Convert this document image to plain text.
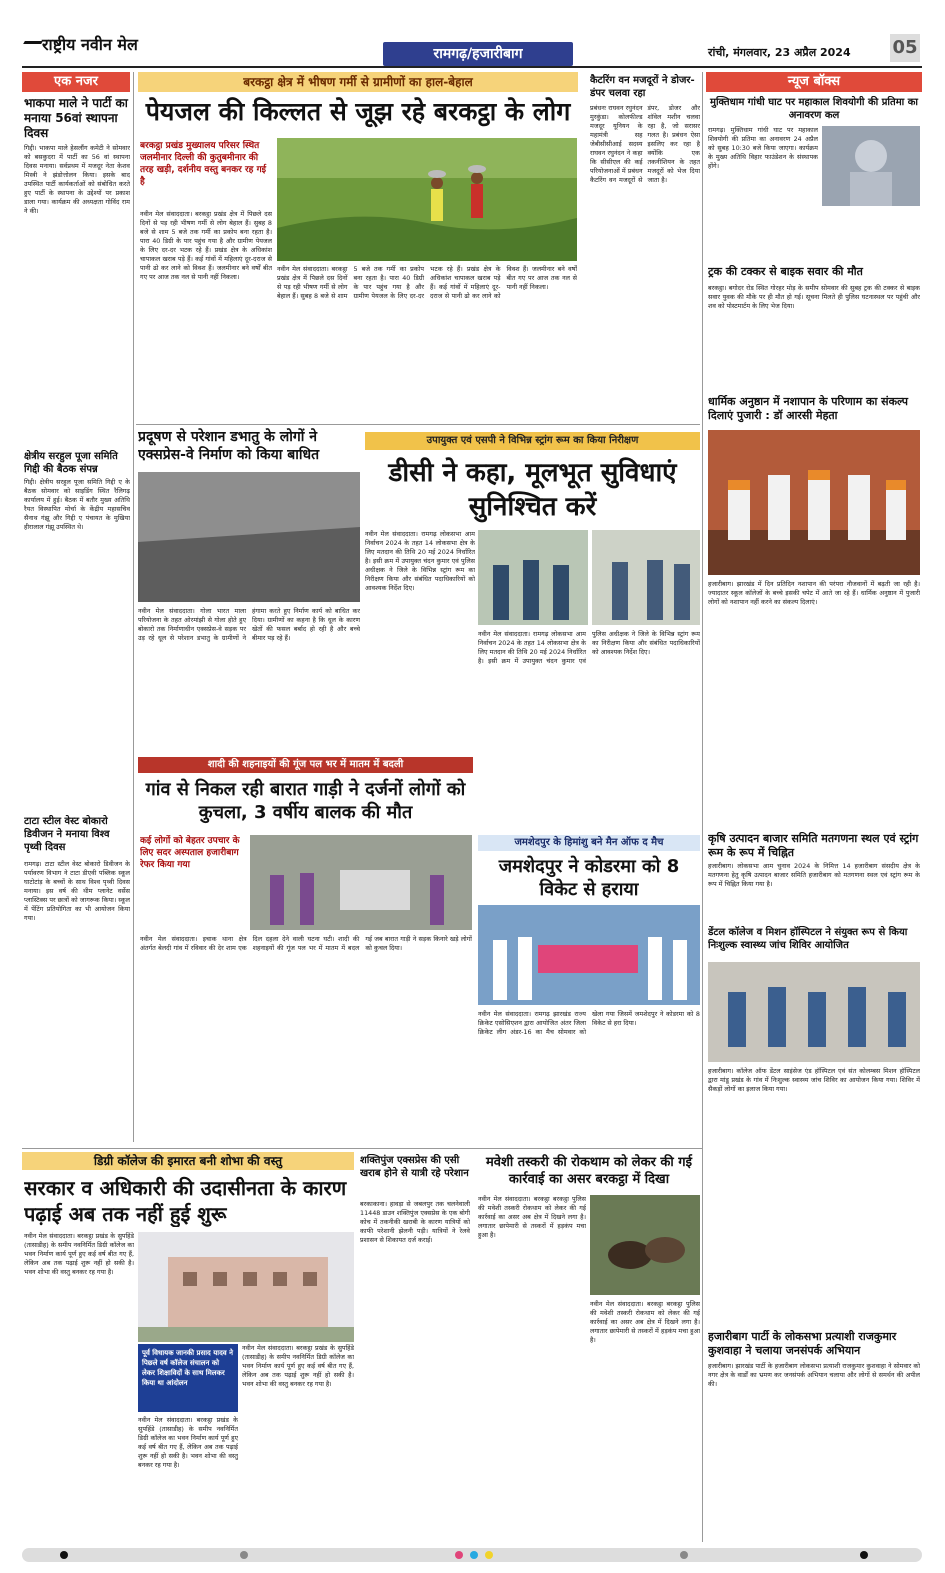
राष्ट्रीय नवीन मेल	रामगढ़/हजारीबाग	रांची, मंगलवार, 23 अप्रैल 2024 05
एक नजर
भाकपा माले ने पार्टी का मनाया 56वां स्थापना दिवस
गिद्दी। भाकपा माले हेसलौंग कमेटी ने सोमवार को बसकुदरा में पार्टी का 56 वां स्थापना दिवस मनाया। सर्वप्रथम में मजदूर नेता केशव मिस्त्री ने झंडोत्तोलन किया। इसके बाद उपस्थित पार्टी कार्यकर्ताओं को संबोधित करते हुए पार्टी के स्थापना के उद्देश्यों पर प्रकाश डाला गया। कार्यक्रम की अध्यक्षता गोविंद राम ने की।
क्षेत्रीय सरहुल पूजा समिति गिद्दी की बैठक संपन्न
गिद्दी। क्षेत्रीय सरहुल पूजा समिति गिद्दी ए के बैठक सोमवार को साइडिंग स्थित रैलिगढ़ कार्यालय में हुई। बैठक में बतौर मुख्य अतिथि रैयत विस्थापित मोर्चा के केंद्रीय महासचिव सैनाथ गंझू और गिद्दी ए पंचायत के मुखिया हीरालाल गंझू उपस्थित थे।
टाटा स्टील वेस्ट बोकारो डिवीजन ने मनाया विश्व पृथ्वी दिवस
रामगढ़। टाटा स्टील वेस्ट बोकारो डिवीजन के पर्यावरण विभाग ने टाटा डीएवी पब्लिक स्कूल घाटोटांड़ के बच्चों के साथ विश्व पृथ्वी दिवस मनाया। इस वर्ष की थीम प्लानेट वर्सेस प्लास्टिक्स पर छात्रों को जागरूक किया। स्कूल में पेंटिंग प्रतियोगिता का भी आयोजन किया गया।
बरकट्ठा क्षेत्र में भीषण गर्मी से ग्रामीणों का हाल-बेहाल
पेयजल की किल्लत से जूझ रहे बरकट्ठा के लोग
बरकट्ठा प्रखंड मुख्यालय परिसर स्थित जलमीनार दिल्ली की कुतुबमीनार की तरह खड़ी, दर्शनीय वस्तु बनकर रह गई है
नवीन मेल संवाददाता। बरकट्ठा प्रखंड क्षेत्र में पिछले दस दिनों से पड़ रही भीषण गर्मी से लोग बेहाल हैं। सुबह 8 बजे से शाम 5 बजे तक गर्मी का प्रकोप बना रहता है। पारा 40 डिग्री के पार पहुंच गया है और ग्रामीण पेयजल के लिए दर-दर भटक रहे हैं। प्रखंड क्षेत्र के अधिकांश चापाकल खराब पड़े हैं। कई गांवों में महिलाएं दूर-दराज से पानी ढो कर लाने को विवश हैं। जलमीनार बने वर्षों बीत गए पर आज तक नल से पानी नहीं निकला।
नवीन मेल संवाददाता। बरकट्ठा प्रखंड क्षेत्र में पिछले दस दिनों से पड़ रही भीषण गर्मी से लोग बेहाल हैं। सुबह 8 बजे से शाम 5 बजे तक गर्मी का प्रकोप बना रहता है। पारा 40 डिग्री के पार पहुंच गया है और ग्रामीण पेयजल के लिए दर-दर भटक रहे हैं। प्रखंड क्षेत्र के अधिकांश चापाकल खराब पड़े हैं। कई गांवों में महिलाएं दूर-दराज से पानी ढो कर लाने को विवश हैं। जलमीनार बने वर्षों बीत गए पर आज तक नल से पानी नहीं निकला।
कैटरिंग वन मजदूरों ने डोजर-डंपर चलवा रहा
प्रबंधनः राघवन रघुनंदन मुरकुंडा। कोलफील्ड मजदूर यूनियन के महामंत्री सह जेबीसीसीआई सदस्य राघवन रघुनंदन ने कहा कि सीसीएल की कई परियोजनाओं में प्रबंधन कैटरिंग वन मजदूरों से डंपर, डोजर और शॉवेल मशीन चलवा रहा है, जो सरासर गलत है। प्रबंधन ऐसा इसलिए कर रहा है क्योंकि एक तकनीशियन के तहत मजदूरों को भेज दिया जाता है।
न्यूज बॉक्स
मुक्तिधाम गांधी घाट पर महाकाल शिवयोगी की प्रतिमा का अनावरण कल
रामगढ़। मुक्तिधाम गांधी घाट पर महाकाल शिवयोगी की प्रतिमा का अनावरण 24 अप्रैल को सुबह 10:30 बजे किया जाएगा। कार्यक्रम के मुख्य अतिथि विहार फाउंडेशन के संस्थापक होंगे।
ट्रक की टक्कर से बाइक सवार की मौत
बरकट्ठा। बगोदर रोड स्थित गोरहर मोड़ के समीप सोमवार की सुबह ट्रक की टक्कर से बाइक सवार युवक की मौके पर ही मौत हो गई। सूचना मिलते ही पुलिस घटनास्थल पर पहुंची और शव को पोस्टमार्टम के लिए भेज दिया।
धार्मिक अनुष्ठान में नशापान के परिणाम का संकल्प दिलाएं पुजारी : डॉ आरसी मेहता
हजारीबाग। झारखंड में दिन प्रतिदिन नशापान की परंपरा नौजवानों में बढ़ती जा रही है। ज्यादातर स्कूल कॉलेजों के बच्चे इसकी चपेट में आते जा रहे हैं। धार्मिक अनुष्ठान में पुजारी लोगों को नशापान नहीं करने का संकल्प दिलाएं।
कृषि उत्पादन बाजार समिति मतगणना स्थल एवं स्ट्रांग रूम के रूप में चिह्नित
हजारीबाग। लोकसभा आम चुनाव 2024 के निमित्त 14 हजारीबाग संसदीय क्षेत्र के मतगणना हेतु कृषि उत्पादन बाजार समिति हजारीबाग को मतगणना स्थल एवं स्ट्रांग रूम के रूप में चिह्नित किया गया है।
डेंटल कॉलेज व मिशन हॉस्पिटल ने संयुक्त रूप से किया निःशुल्क स्वास्थ्य जांच शिविर आयोजित
हजारीबाग। कॉलेज ऑफ डेंटल साइंसेज एंड हॉस्पिटल एवं संत कोलम्बस मिशन हॉस्पिटल द्वारा मांडू प्रखंड के गांव में निःशुल्क स्वास्थ्य जांच शिविर का आयोजन किया गया। शिविर में सैकड़ों लोगों का इलाज किया गया।
हजारीबाग पार्टी के लोकसभा प्रत्याशी राजकुमार कुशवाहा ने चलाया जनसंपर्क अभियान
हजारीबाग। झारखंड पार्टी के हजारीबाग लोकसभा प्रत्याशी राजकुमार कुशवाहा ने सोमवार को नगर क्षेत्र के वार्डों का भ्रमण कर जनसंपर्क अभियान चलाया और लोगों से समर्थन की अपील की।
प्रदूषण से परेशान डभातु के लोगों ने एक्सप्रेस-वे निर्माण को किया बाधित
नवीन मेल संवाददाता। गोला भारत माला परियोजना के तहत ओरमांझी से गोला होते हुए बोकारो तक निर्माणाधीन एक्सप्रेस-वे सड़क पर उड़ रहे धूल से परेशान डभातु के ग्रामीणों ने हंगामा करते हुए निर्माण कार्य को बाधित कर दिया। ग्रामीणों का कहना है कि धूल के कारण खेतों की फसल बर्बाद हो रही है और बच्चे बीमार पड़ रहे हैं।
उपायुक्त एवं एसपी ने विभिन्न स्ट्रांग रूम का किया निरीक्षण
डीसी ने कहा, मूलभूत सुविधाएं सुनिश्चित करें
नवीन मेल संवाददाता। रामगढ़ लोकसभा आम निर्वाचन 2024 के तहत 14 लोकसभा क्षेत्र के लिए मतदान की तिथि 20 मई 2024 निर्धारित है। इसी क्रम में उपायुक्त चंदन कुमार एवं पुलिस अधीक्षक ने जिले के विभिन्न स्ट्रांग रूम का निरीक्षण किया और संबंधित पदाधिकारियों को आवश्यक निर्देश दिए।
नवीन मेल संवाददाता। रामगढ़ लोकसभा आम निर्वाचन 2024 के तहत 14 लोकसभा क्षेत्र के लिए मतदान की तिथि 20 मई 2024 निर्धारित है। इसी क्रम में उपायुक्त चंदन कुमार एवं पुलिस अधीक्षक ने जिले के विभिन्न स्ट्रांग रूम का निरीक्षण किया और संबंधित पदाधिकारियों को आवश्यक निर्देश दिए।
शादी की शहनाइयों की गूंज पल भर में मातम में बदली
गांव से निकल रही बारात गाड़ी ने दर्जनों लोगों को कुचला, 3 वर्षीय बालक की मौत
कई लोगों को बेहतर उपचार के लिए सदर अस्पताल हजारीबाग रेफर किया गया
नवीन मेल संवाददाता। इचाक थाना क्षेत्र अंतर्गत बेलदी गांव में रविवार की देर शाम एक दिल दहला देने वाली घटना घटी। शादी की शहनाइयों की गूंज पल भर में मातम में बदल गई जब बारात गाड़ी ने सड़क किनारे खड़े लोगों को कुचल दिया।
जमशेदपुर के हिमांशु बने मैन ऑफ द मैच
जमशेदपुर ने कोडरमा को 8 विकेट से हराया
नवीन मेल संवाददाता। रामगढ़ झारखंड राज्य क्रिकेट एसोसिएशन द्वारा आयोजित अंतर जिला क्रिकेट लीग अंडर-16 का मैच सोमवार को खेला गया जिसमें जमशेदपुर ने कोडरमा को 8 विकेट से हरा दिया।
डिग्री कॉलेज की इमारत बनी शोभा की वस्तु
सरकार व अधिकारी की उदासीनता के कारण पढ़ाई अब तक नहीं हुई शुरू
नवीन मेल संवाददाता। बरकट्ठा प्रखंड के सुपहिंडे (तासाडीह) के समीप नवनिर्मित डिग्री कॉलेज का भवन निर्माण कार्य पूर्ण हुए कई वर्ष बीत गए हैं, लेकिन अब तक पढ़ाई शुरू नहीं हो सकी है। भवन शोभा की वस्तु बनकर रह गया है।
पूर्व विधायक जानकी प्रसाद यादव ने पिछले वर्ष कॉलेज संचालन को लेकर शिक्षाविदों के साथ मिलकर किया था आंदोलन
नवीन मेल संवाददाता। बरकट्ठा प्रखंड के सुपहिंडे (तासाडीह) के समीप नवनिर्मित डिग्री कॉलेज का भवन निर्माण कार्य पूर्ण हुए कई वर्ष बीत गए हैं, लेकिन अब तक पढ़ाई शुरू नहीं हो सकी है। भवन शोभा की वस्तु बनकर रह गया है।
नवीन मेल संवाददाता। बरकट्ठा प्रखंड के सुपहिंडे (तासाडीह) के समीप नवनिर्मित डिग्री कॉलेज का भवन निर्माण कार्य पूर्ण हुए कई वर्ष बीत गए हैं, लेकिन अब तक पढ़ाई शुरू नहीं हो सकी है। भवन शोभा की वस्तु बनकर रह गया है।
शक्तिपुंज एक्सप्रेस की एसी खराब होने से यात्री रहे परेशान
बरकाकाना। हावड़ा से जबलपुर तक चलनेवाली 11448 डाउन शक्तिपुंज एक्सप्रेस के एक बोगी कोच में तकनीकी खराबी के कारण यात्रियों को काफी परेशानी झेलनी पड़ी। यात्रियों ने रेलवे प्रशासन से शिकायत दर्ज कराई।
मवेशी तस्करी की रोकथाम को लेकर की गई कार्रवाई का असर बरकट्ठा में दिखा
नवीन मेल संवाददाता। बरकट्ठा बरकट्ठा पुलिस की मवेशी तस्करी रोकथाम को लेकर की गई कार्रवाई का असर अब क्षेत्र में दिखने लगा है। लगातार छापेमारी से तस्करों में हड़कंप मचा हुआ है।
नवीन मेल संवाददाता। बरकट्ठा बरकट्ठा पुलिस की मवेशी तस्करी रोकथाम को लेकर की गई कार्रवाई का असर अब क्षेत्र में दिखने लगा है। लगातार छापेमारी से तस्करों में हड़कंप मचा हुआ है।
